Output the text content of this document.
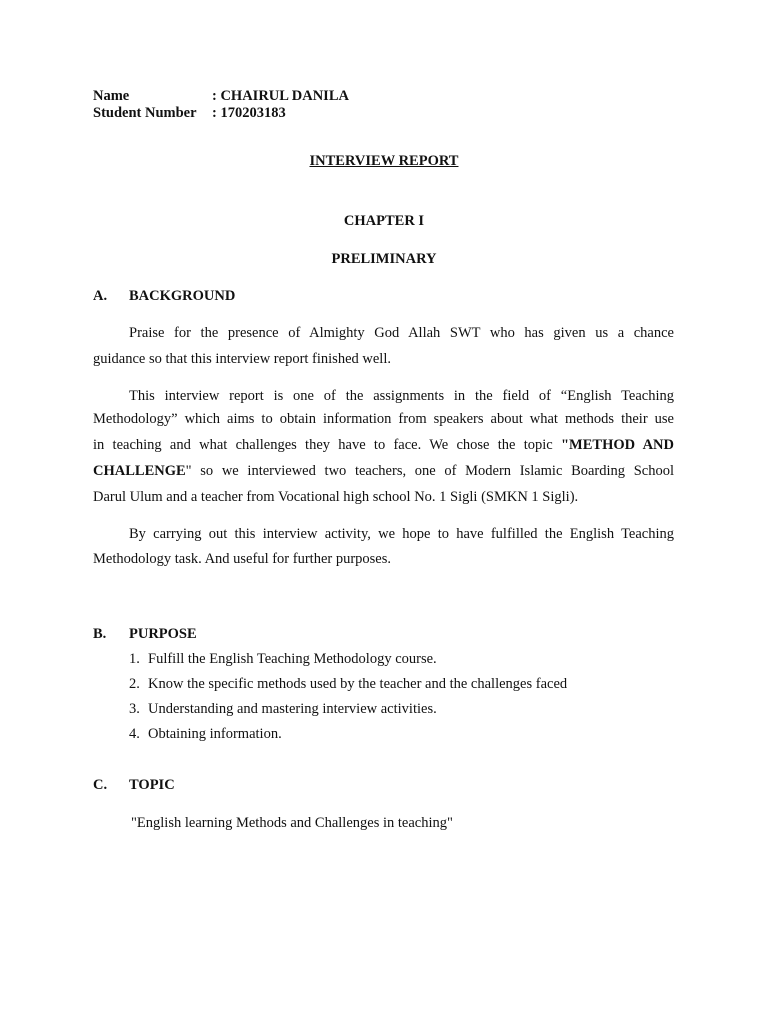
Name	: CHAIRUL DANILA
Student Number : 170203183
INTERVIEW REPORT
CHAPTER I
PRELIMINARY
A. BACKGROUND
Praise for the presence of Almighty God Allah SWT who has given us a chance
guidance so that this interview report finished well.
This interview report is one of the assignments in the field of “English Teaching
Methodology” which aims to obtain information from speakers about what methods their use
in teaching and what challenges they have to face. We chose the topic "METHOD AND
CHALLENGE" so we interviewed two teachers, one of Modern Islamic Boarding School
Darul Ulum and a teacher from Vocational high school No. 1 Sigli (SMKN 1 Sigli).
By carrying out this interview activity, we hope to have fulfilled the English Teaching
Methodology task. And useful for further purposes.
B. PURPOSE
1. Fulfill the English Teaching Methodology course.
2. Know the specific methods used by the teacher and the challenges faced
3. Understanding and mastering interview activities.
4. Obtaining information.
C. TOPIC
"English learning Methods and Challenges in teaching"
